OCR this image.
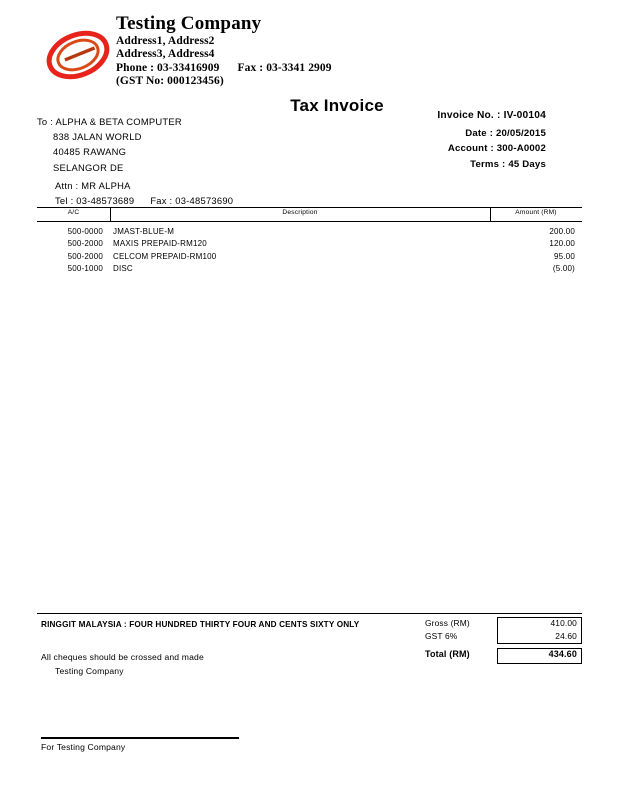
Testing Company
Address1, Address2
Address3, Address4
Phone : 03-33416909 Fax : 03-3341 2909
(GST No: 000123456)
Tax Invoice
Invoice No. : IV-00104
Date : 20/05/2015
Account : 300-A0002
Terms : 45 Days
To : ALPHA & BETA COMPUTER
838 JALAN WORLD
40485 RAWANG
SELANGOR DE
Attn : MR ALPHA
Tel : 03-48573689 Fax : 03-48573690
A/C	Description	Amount (RM)
500-0000 JMAST-BLUE-M	200.00
500-2000 MAXIS PREPAID-RM120	120.00
500-2000 CELCOM PREPAID-RM100	95.00
500-1000 DISC	(5.00)
RINGGIT MALAYSIA : FOUR HUNDRED THIRTY FOUR AND CENTS SIXTY ONLY
All cheques should be crossed and made
Testing Company
Gross (RM)	410.00
GST 6%	24.60
Total (RM)	434.60
For Testing Company
